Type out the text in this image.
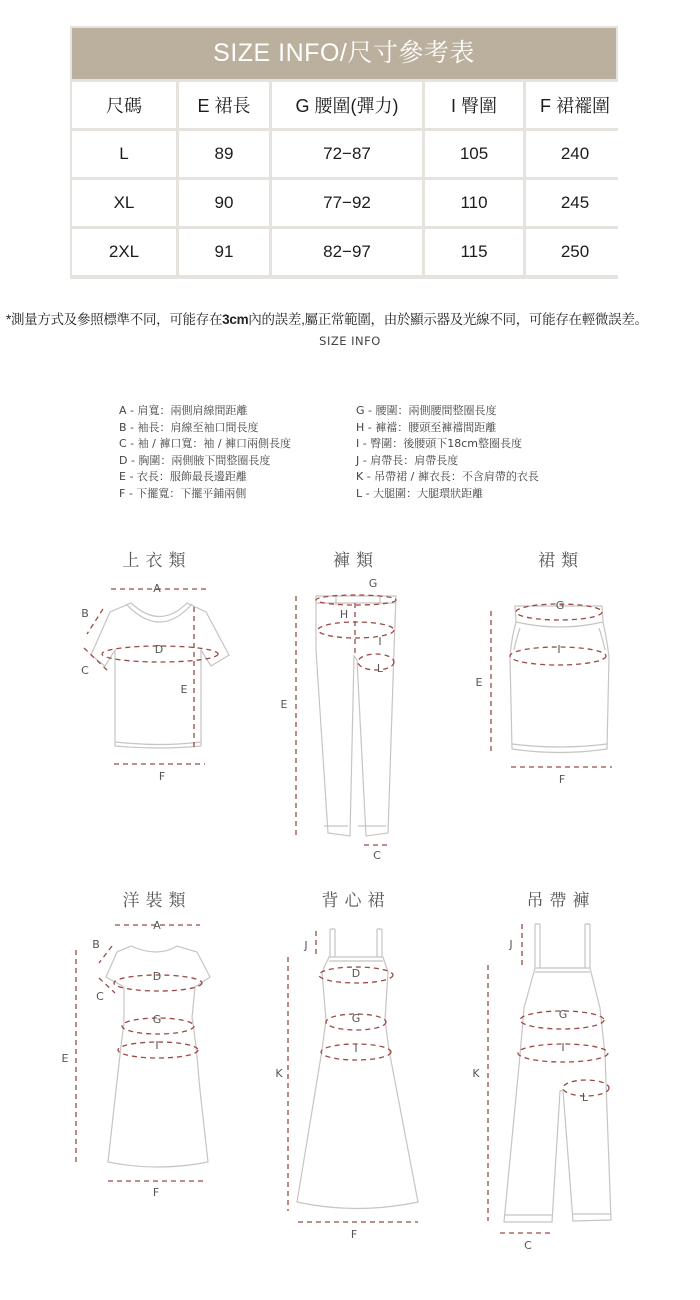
SIZE INFO/尺寸參考表
尺碼	E 裙長	G 腰圍(彈力)	I 臀圍	F 裙襬圍
L	89	72−87	105	240
XL	90	77−92	110	245
2XL	91	82−97	115	250
*測量方式及參照標準不同，可能存在3cm內的誤差,屬正常範圍，由於顯示器及光線不同，可能存在輕微誤差。
SIZE INFO
A - 肩寬：兩側肩線間距離
B - 袖長：肩線至袖口間長度
C - 袖 / 褲口寬：袖 / 褲口兩側長度
D - 胸圍：兩側腋下間整圈長度
E - 衣長：服飾最長邊距離
F - 下擺寬：下擺平鋪兩側
G - 腰圍：兩側腰間整圈長度
H - 褲襠：腰頭至褲襠間距離
I - 臀圍：後腰頭下18cm整圈長度
J - 肩帶長：肩帶長度
K - 吊帶裙 / 褲衣長：不含肩帶的衣長
L - 大腿圍：大腿環狀距離
上衣類	褲類	裙類
洋裝類	背心裙	吊帶褲
A
B
C
D
E
F
G
H
I
L
E
C
G
I
E
F
A
B
C
D
G
I
E
F
J
D
G
I
K
F
J
G
I
L
K
C
